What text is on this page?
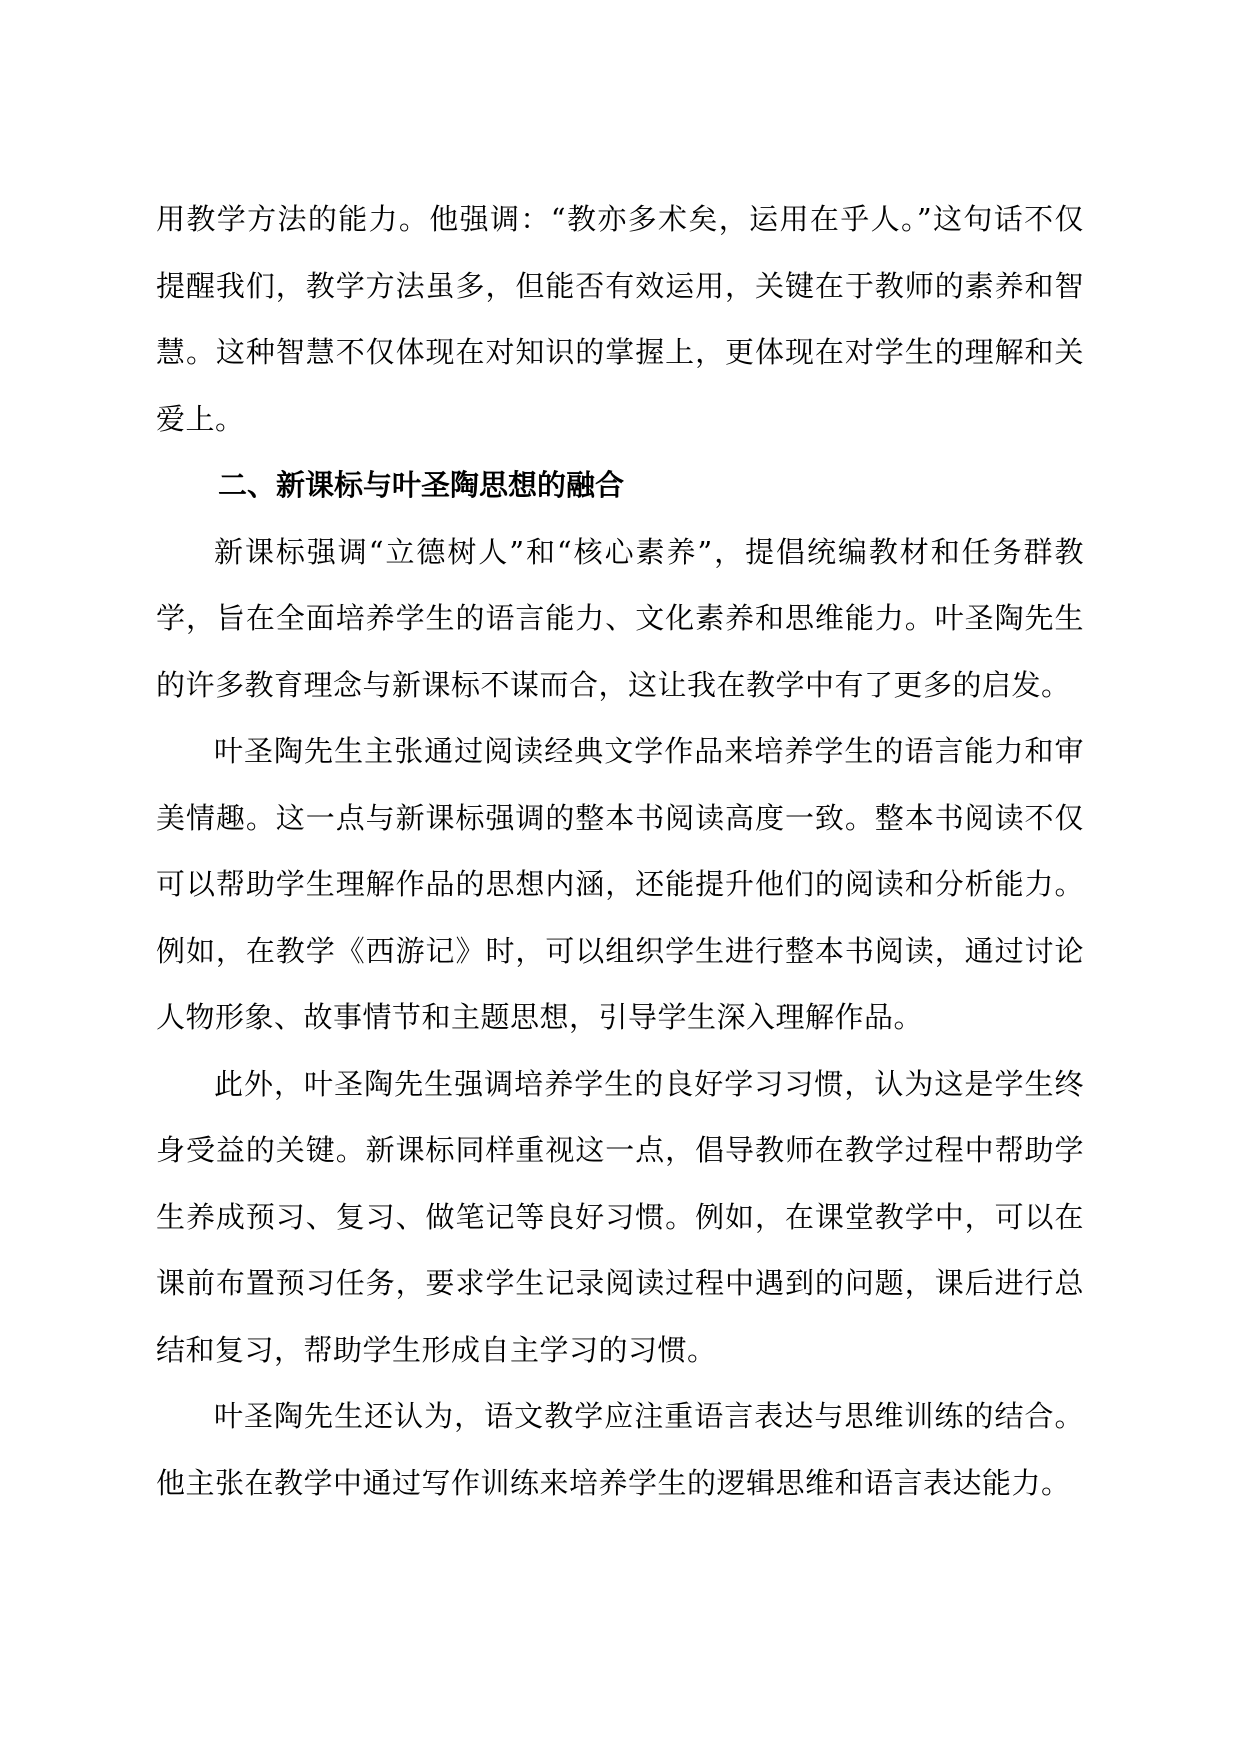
用教学方法的能力。他强调：“教亦多术矣，运用在乎人。”这句话不仅提醒我们，教学方法虽多，但能否有效运用，关键在于教师的素养和智慧。这种智慧不仅体现在对知识的掌握上，更体现在对学生的理解和关爱上。

二、新课标与叶圣陶思想的融合

新课标强调“立德树人”和“核心素养”，提倡统编教材和任务群教学，旨在全面培养学生的语言能力、文化素养和思维能力。叶圣陶先生的许多教育理念与新课标不谋而合，这让我在教学中有了更多的启发。

叶圣陶先生主张通过阅读经典文学作品来培养学生的语言能力和审美情趣。这一点与新课标强调的整本书阅读高度一致。整本书阅读不仅可以帮助学生理解作品的思想内涵，还能提升他们的阅读和分析能力。例如，在教学《西游记》时，可以组织学生进行整本书阅读，通过讨论人物形象、故事情节和主题思想，引导学生深入理解作品。

此外，叶圣陶先生强调培养学生的良好学习习惯，认为这是学生终身受益的关键。新课标同样重视这一点，倡导教师在教学过程中帮助学生养成预习、复习、做笔记等良好习惯。例如，在课堂教学中，可以在课前布置预习任务，要求学生记录阅读过程中遇到的问题，课后进行总结和复习，帮助学生形成自主学习的习惯。

叶圣陶先生还认为，语文教学应注重语言表达与思维训练的结合。他主张在教学中通过写作训练来培养学生的逻辑思维和语言表达能力。
